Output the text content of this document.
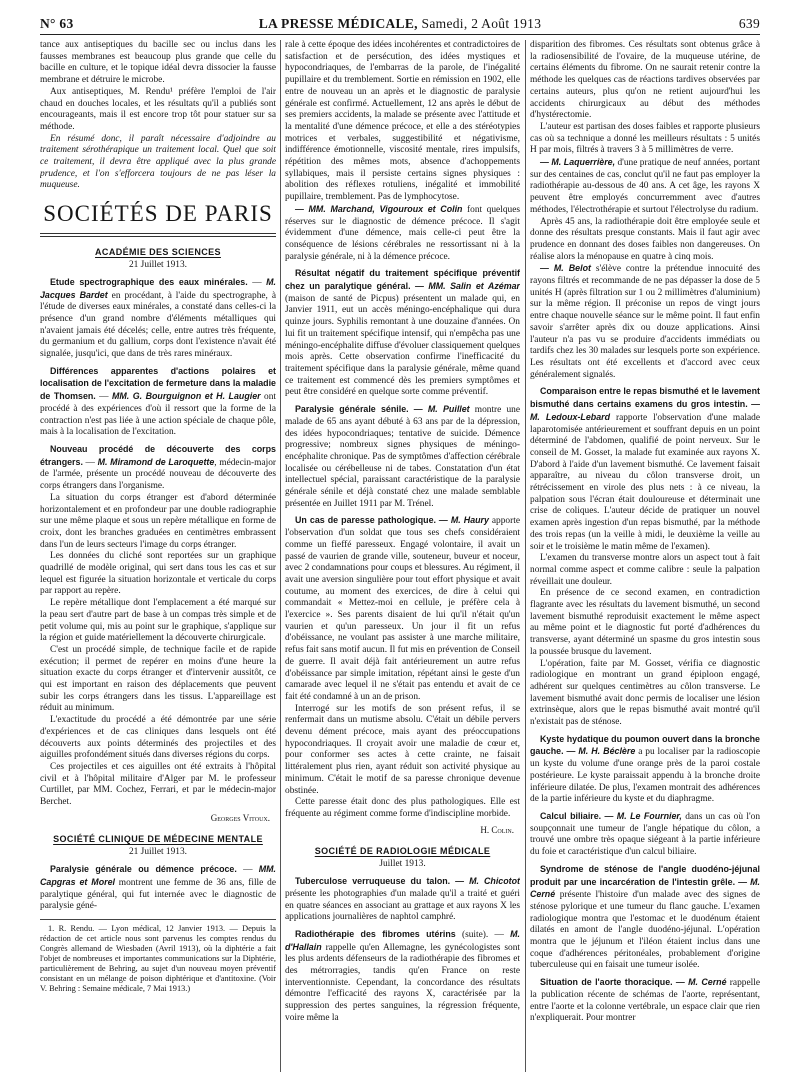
N° 63	LA PRESSE MÉDICALE, Samedi, 2 Août 1913	639

tance aux antiseptiques du bacille sec ou inclus dans les fausses membranes est beaucoup plus grande que celle du bacille en culture, et le topique idéal devra dissocier la fausse membrane et détruire le microbe.

Aux antiseptiques, M. Rendu¹ préfère l'emploi de l'air chaud en douches locales, et les résultats qu'il a publiés sont encourageants, mais il est encore trop tôt pour statuer sur sa méthode.

En résumé donc, il paraît nécessaire d'adjoindre au traitement sérothérapique un traitement local. Quel que soit ce traitement, il devra être appliqué avec la plus grande prudence, et l'on s'efforcera toujours de ne pas léser la muqueuse.

SOCIÉTÉS DE PARIS
ACADÉMIE DES SCIENCES
21 Juillet 1913.

Etude spectrographique des eaux minérales. — M. Jacques Bardet en procédant, à l'aide du spectrographe, à l'étude de diverses eaux minérales, a constaté dans celles-ci la présence d'un grand nombre d'éléments métalliques qui n'avaient jamais été décelés; celle, entre autres très fréquente, du germanium et du gallium, corps dont l'existence n'avait été signalée, jusqu'ici, que dans de très rares minéraux.

Différences apparentes d'actions polaires et localisation de l'excitation de fermeture dans la maladie de Thomsen. — MM. G. Bourguignon et H. Laugier ont procédé à des expériences d'où il ressort que la forme de la contraction n'est pas liée à une action spéciale de chaque pôle, mais à la localisation de l'excitation.

Nouveau procédé de découverte des corps étrangers. — M. Miramond de Laroquette, médecin-major de l'armée, présente un procédé nouveau de découverte des corps étrangers dans l'organisme.

La situation du corps étranger est d'abord déterminée horizontalement et en profondeur par une double radiographie sur une même plaque et sous un repère métallique en forme de croix, dont les branches graduées en centimètres embrassent dans l'un de leurs secteurs l'image du corps étranger.

Les données du cliché sont reportées sur un graphique quadrillé de modèle original, qui sert dans tous les cas et sur lequel est figurée la situation horizontale et verticale du corps par rapport au repère.

Le repère métallique dont l'emplacement a été marqué sur la peau sert d'autre part de base à un compas très simple et de petit volume qui, mis au point sur le graphique, s'applique sur la région et guide matériellement la découverte chirurgicale.

C'est un procédé simple, de technique facile et de rapide exécution; il permet de repérer en moins d'une heure la situation exacte du corps étranger et d'intervenir aussitôt, ce qui est important en raison des déplacements que peuvent subir les corps étrangers dans les tissus. L'appareillage est réduit au minimum.

L'exactitude du procédé a été démontrée par une série d'expériences et de cas cliniques dans lesquels ont été découverts aux points déterminés des projectiles et des aiguilles profondément situés dans diverses régions du corps.

Ces projectiles et ces aiguilles ont été extraits à l'hôpital civil et à l'hôpital militaire d'Alger par M. le professeur Curtillet, par MM. Cochez, Ferrari, et par le médecin-major Berchet.

Georges Vitoux.
SOCIÉTÉ CLINIQUE DE MÉDECINE MENTALE
21 Juillet 1913.

Paralysie générale ou démence précoce. — MM. Capgras et Morel montrent une femme de 36 ans, fille de paralytique général, qui fut internée avec le diagnostic de paralysie géné-

1. R. Rendu. — Lyon médical, 12 Janvier 1913. — Depuis la rédaction de cet article nous sont parvenus les comptes rendus du Congrès allemand de Wiesbaden (Avril 1913), où la diphtérie a fait l'objet de nombreuses et importantes communications sur la Diphtérie, particulièrement de Behring, au sujet d'un nouveau moyen préventif consistant en un mélange de poison diphtérique et d'antitoxine. (Voir V. Behring : Semaine médicale, 7 Mai 1913.)

rale à cette époque des idées incohérentes et contradictoires de satisfaction et de persécution, des idées mystiques et hypocondriaques, de l'embarras de la parole, de l'inégalité pupillaire et du tremblement. Sortie en rémission en 1902, elle entre de nouveau un an après et le diagnostic de paralysie générale est confirmé. Actuellement, 12 ans après le début de ses premiers accidents, la malade se présente avec l'attitude et la mentalité d'une démence précoce, et elle a des stéréotypies motrices et verbales, suggestibilité et négativisme, indifférence émotionnelle, viscosité mentale, rires impulsifs, répétition des mêmes mots, absence d'achoppements syllabiques, mais il persiste certains signes physiques : abolition des réflexes rotuliens, inégalité et immobilité pupillaire, tremblement. Pas de lymphocytose.

— MM. Marchand, Vigouroux et Colin font quelques réserves sur le diagnostic de démence précoce. Il s'agit évidemment d'une démence, mais celle-ci peut être la conséquence de lésions cérébrales ne ressortissant ni à la paralysie générale, ni à la démence précoce.

Résultat négatif du traitement spécifique préventif chez un paralytique général. — MM. Salin et Azémar (maison de santé de Picpus) présentent un malade qui, en Janvier 1911, eut un accès méningo-encéphalique qui dura quinze jours. Syphilis remontant à une douzaine d'années. On lui fit un traitement spécifique intensif, qui n'empêcha pas une méningo-encéphalite diffuse d'évoluer classiquement quelques mois après. Cette observation confirme l'inefficacité du traitement spécifique dans la paralysie générale, même quand ce traitement est commencé dès les premiers symptômes et peut être considéré en quelque sorte comme préventif.

Paralysie générale sénile. — M. Puillet montre une malade de 65 ans ayant débuté à 63 ans par de la dépression, des idées hypocondriaques; tentative de suicide. Démence progressive; nombreux signes physiques de méningo-encéphalite chronique. Pas de symptômes d'affection cérébrale localisée ou cérébelleuse ni de tabes. Constatation d'un état intellectuel spécial, paraissant caractéristique de la paralysie générale sénile et déjà constaté chez une malade semblable présentée en Juillet 1911 par M. Trénel.

Un cas de paresse pathologique. — M. Haury apporte l'observation d'un soldat que tous ses chefs considéraient comme un fieffé paresseux. Engagé volontaire, il avait un passé de vaurien de grande ville, souteneur, buveur et noceur, avec 2 condamnations pour coups et blessures. Au régiment, il avait une aversion singulière pour tout effort physique et avait coutume, au moment des exercices, de dire à celui qui commandait « Mettez-moi en cellule, je préfère cela à l'exercice ». Ses parents disaient de lui qu'il n'était qu'un vaurien et qu'un paresseux. Un jour il fit un refus d'obéissance, ne voulant pas assister à une marche militaire, refus fait sans motif aucun. Il fut mis en prévention de Conseil de guerre. Il avait déjà fait antérieurement un autre refus d'obéissance par simple imitation, répétant ainsi le geste d'un camarade avec lequel il ne s'était pas entendu et avait de ce fait été condamné à un an de prison.

Interrogé sur les motifs de son présent refus, il se renfermait dans un mutisme absolu. C'était un débile pervers devenu dément précoce, mais ayant des préoccupations hypocondriaques. Il croyait avoir une maladie de cœur et, pour conformer ses actes à cette crainte, ne faisait littéralement plus rien, ayant réduit son activité physique au minimum. C'était le motif de sa paresse chronique devenue obstinée.

Cette paresse était donc des plus pathologiques. Elle est fréquente au régiment comme forme d'indiscipline morbide.

H. Colin.
SOCIÉTÉ DE RADIOLOGIE MÉDICALE
Juillet 1913.

Tuberculose verruqueuse du talon. — M. Chicotot présente les photographies d'un malade qu'il a traité et guéri en quatre séances en associant au grattage et aux rayons X les applications journalières de naphtol camphré.

Radiothérapie des fibromes utérins (suite). — M. d'Hallain rappelle qu'en Allemagne, les gynécologistes sont les plus ardents défenseurs de la radiothérapie des fibromes et des métrorragies, tandis qu'en France on reste interventionniste. Cependant, la concordance des résultats démontre l'efficacité des rayons X, caractérisée par la suppression des pertes sanguines, la régression fréquente, voire même la

disparition des fibromes. Ces résultats sont obtenus grâce à la radiosensibilité de l'ovaire, de la muqueuse utérine, de certains éléments du fibrome. On ne saurait retenir contre la méthode les quelques cas de réactions tardives observées par certains auteurs, plus qu'on ne retient aujourd'hui les accidents chirurgicaux au début des méthodes d'hystérectomie.

L'auteur est partisan des doses faibles et rapporte plusieurs cas où sa technique a donné les meilleurs résultats : 5 unités H par mois, filtrés à travers 3 à 5 millimètres de verre.

— M. Laquerrière, d'une pratique de neuf années, portant sur des centaines de cas, conclut qu'il ne faut pas employer la radiothérapie au-dessous de 40 ans. A cet âge, les rayons X peuvent être employés concurremment avec d'autres méthodes, l'électrothérapie et surtout l'électrolyse du radium.

Après 45 ans, la radiothérapie doit être employée seule et donne des résultats presque constants. Mais il faut agir avec prudence en donnant des doses faibles non dangereuses. On réalise alors la ménopause en quatre à cinq mois.

— M. Belot s'élève contre la prétendue innocuité des rayons filtrés et recommande de ne pas dépasser la dose de 5 unités H (après filtration sur 1 ou 2 millimètres d'aluminium) sur la même région. Il préconise un repos de vingt jours entre chaque nouvelle séance sur le même point. Il faut enfin savoir s'arrêter après dix ou douze applications. Ainsi l'auteur n'a pas vu se produire d'accidents immédiats ou tardifs chez les 30 malades sur lesquels porte son expérience. Les résultats ont été excellents et d'accord avec ceux généralement signalés.

Comparaison entre le repas bismuthé et le lavement bismuthé dans certains examens du gros intestin. — M. Ledoux-Lebard rapporte l'observation d'une malade laparotomisée antérieurement et souffrant depuis en un point déterminé de l'abdomen, qualifié de point nerveux. Sur le conseil de M. Gosset, la malade fut examinée aux rayons X. D'abord à l'aide d'un lavement bismuthé. Ce lavement faisait apparaître, au niveau du côlon transverse droit, un rétrécissement en virole des plus nets : à ce niveau, la palpation sous l'écran était douloureuse et déterminait une crise de coliques. L'auteur décide de pratiquer un nouvel examen après ingestion d'un repas bismuthé, par la méthode des trois repas (un la veille à midi, le deuxième la veille au soir et le troisième le matin même de l'examen).

L'examen du transverse montre alors un aspect tout à fait normal comme aspect et comme calibre : seule la palpation réveillait une douleur.

En présence de ce second examen, en contradiction flagrante avec les résultats du lavement bismuthé, un second lavement bismuthé reproduisit exactement le même aspect au même point et le diagnostic fut porté d'adhérences du transverse, ayant déterminé un spasme du gros intestin sous la poussée brusque du lavement.

L'opération, faite par M. Gosset, vérifia ce diagnostic radiologique en montrant un grand épiploon engagé, adhérent sur quelques centimètres au côlon transverse. Le lavement bismuthé avait donc permis de localiser une lésion extrinsèque, alors que le repas bismuthé avait montré qu'il n'existait pas de sténose.

Kyste hydatique du poumon ouvert dans la bronche gauche. — M. H. Béclère a pu localiser par la radioscopie un kyste du volume d'une orange près de la paroi costale postérieure. Le kyste paraissait appendu à la bronche droite inférieure dilatée. De plus, l'examen montrait des adhérences de la partie inférieure du kyste et du diaphragme.

Calcul biliaire. — M. Le Fournier, dans un cas où l'on soupçonnait une tumeur de l'angle hépatique du côlon, a trouvé une ombre très opaque siégeant à la partie inférieure du foie et caractéristique d'un calcul biliaire.

Syndrome de sténose de l'angle duodéno-jéjunal produit par une incarcération de l'intestin grêle. — M. Cerné présente l'histoire d'un malade avec des signes de sténose pylorique et une tumeur du flanc gauche. L'examen radiologique montra que l'estomac et le duodénum étaient dilatés en amont de l'angle duodéno-jéjunal. L'opération montra que le jéjunum et l'iléon étaient inclus dans une coque d'adhérences péritonéales, probablement d'origine tuberculeuse qui en faisait une tumeur isolée.

Situation de l'aorte thoracique. — M. Cerné rappelle la publication récente de schémas de l'aorte, représentant, entre l'aorte et la colonne vertébrale, un espace clair que rien n'expliquerait. Pour montrer
